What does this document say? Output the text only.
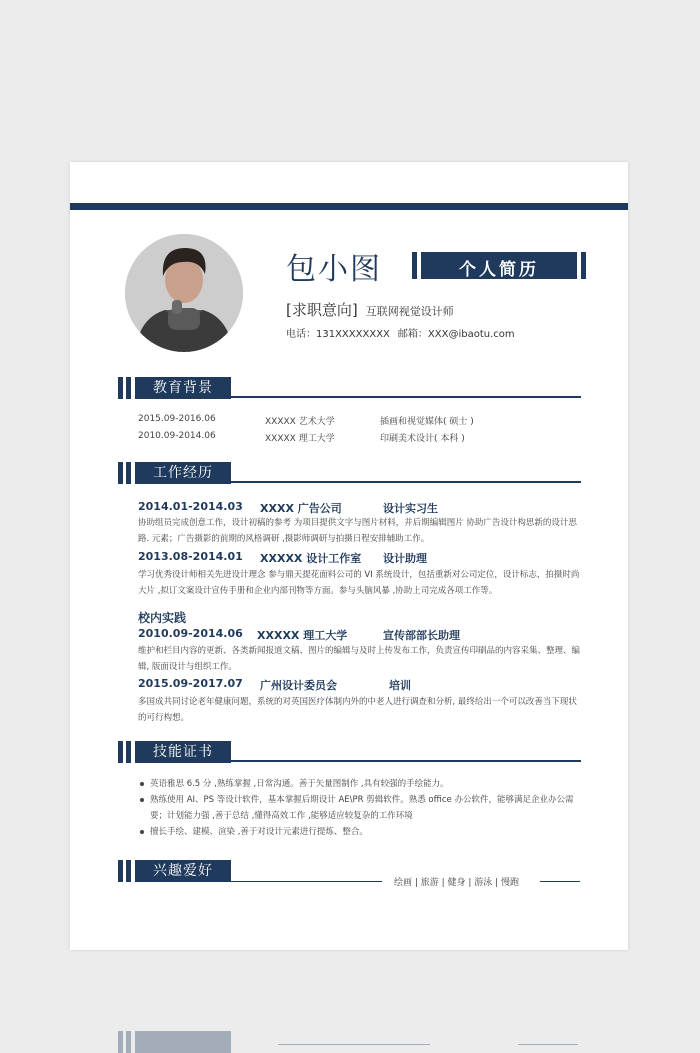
包小图	个人简历
[求职意向] 互联网视觉设计师
电话：131XXXXXXXX 邮箱：XXX@ibaotu.com
教育背景
2015.09-2016.06	XXXXX 艺术大学	插画和视觉媒体( 硕士 )
2010.09-2014.06	XXXXX 理工大学	印刷美术设计( 本科 )
工作经历
2014.01-2014.03 XXXX 广告公司	设计实习生
协助组员完成创意工作，设计初稿的参考 为项目提供文字与图片材料，并后期编辑图片 协助广告设计构思新的设计思路. 元素；广告摄影的前期的风格调研 ,摄影师调研与拍摄日程安排辅助工作。
2013.08-2014.01 XXXXX 设计工作室 设计助理
学习优秀设计师相关先进设计理念 参与鼎天提花面料公司的 VI 系统设计，包括重新对公司定位，设计标志，拍摄时尚大片 ,拟订文案设计宣传手册和企业内部刊物等方面。参与头脑风暴 ,协助上司完成各项工作等。
校内实践
2010.09-2014.06 XXXXX 理工大学	宣传部部长助理
维护和栏目内容的更新、各类新闻报道文稿、图片的编辑与及时上传发布工作，负责宣传印刷品的内容采集、整理、编辑, 版面设计与组织工作。
2015.09-2017.07 广州设计委员会	培训
多国成共同讨论老年健康问题，系统的对英国医疗体制内外的中老人进行调查和分析, 最终给出一个可以改善当下现状的可行构想。
技能证书
英语雅思 6.5 分 ,熟练掌握 ,日常沟通。善于矢量图制作 ,具有较强的手绘能力。
熟练使用 AI、PS 等设计软件，基本掌握后期设计 AE\PR 剪辑软件。熟悉 office 办公软件，能够满足企业办公需要；计划能力强 ,善于总结 ,懂得高效工作 ,能够适应较复杂的工作环境
擅长手绘、建模、渲染 ,善于对设计元素进行提炼、整合。
兴趣爱好
绘画 | 旅游 | 健身 | 游泳 | 慢跑
